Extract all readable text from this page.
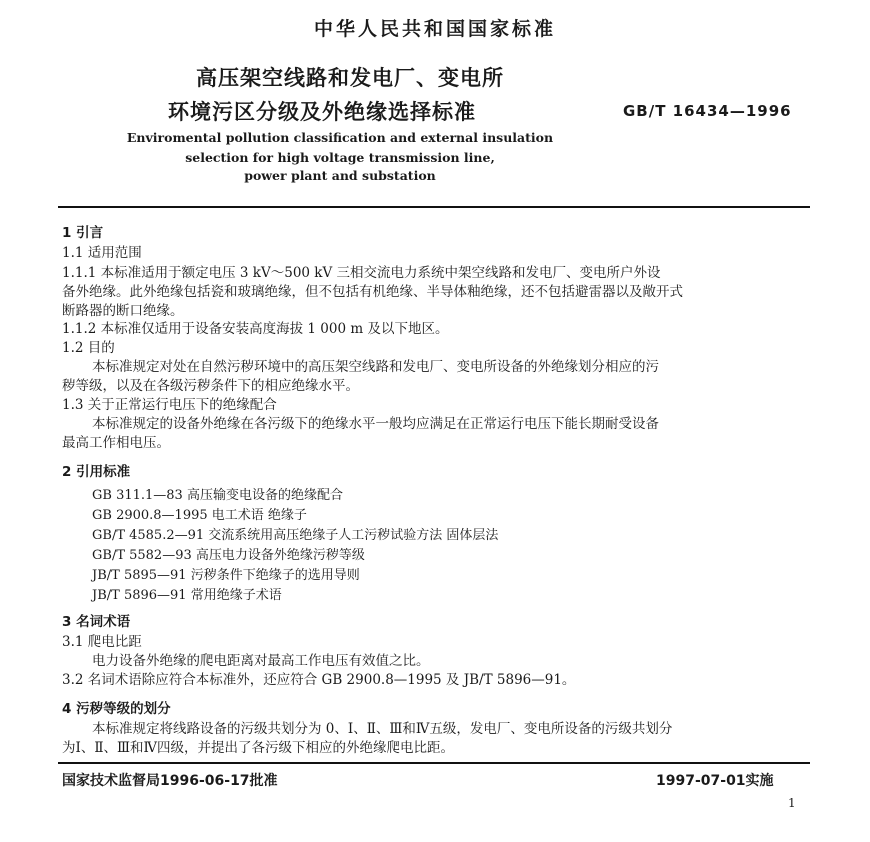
中华人民共和国国家标准
高压架空线路和发电厂、变电所
环境污区分级及外绝缘选择标准	GB/T 16434—1996
Enviromental pollution classification and external insulation
selection for high voltage transmission line,
power plant and substation
1 引言
1.1 适用范围
1.1.1 本标准适用于额定电压 3 kV～500 kV 三相交流电力系统中架空线路和发电厂、变电所户外设
备外绝缘。此外绝缘包括瓷和玻璃绝缘，但不包括有机绝缘、半导体釉绝缘，还不包括避雷器以及敞开式
断路器的断口绝缘。
1.1.2 本标准仅适用于设备安装高度海拔 1 000 m 及以下地区。
1.2 目的
本标准规定对处在自然污秽环境中的高压架空线路和发电厂、变电所设备的外绝缘划分相应的污
秽等级，以及在各级污秽条件下的相应绝缘水平。
1.3 关于正常运行电压下的绝缘配合
本标准规定的设备外绝缘在各污级下的绝缘水平一般均应满足在正常运行电压下能长期耐受设备
最高工作相电压。
2 引用标准
GB 311.1—83 高压输变电设备的绝缘配合
GB 2900.8—1995 电工术语 绝缘子
GB/T 4585.2—91 交流系统用高压绝缘子人工污秽试验方法 固体层法
GB/T 5582—93 高压电力设备外绝缘污秽等级
JB/T 5895—91 污秽条件下绝缘子的选用导则
JB/T 5896—91 常用绝缘子术语
3 名词术语
3.1 爬电比距
电力设备外绝缘的爬电距离对最高工作电压有效值之比。
3.2 名词术语除应符合本标准外，还应符合 GB 2900.8—1995 及 JB/T 5896—91。
4 污秽等级的划分
本标准规定将线路设备的污级共划分为 0、Ⅰ、Ⅱ、Ⅲ和Ⅳ五级，发电厂、变电所设备的污级共划分
为Ⅰ、Ⅱ、Ⅲ和Ⅳ四级，并提出了各污级下相应的外绝缘爬电比距。
国家技术监督局1996-06-17批准	1997-07-01实施
1
